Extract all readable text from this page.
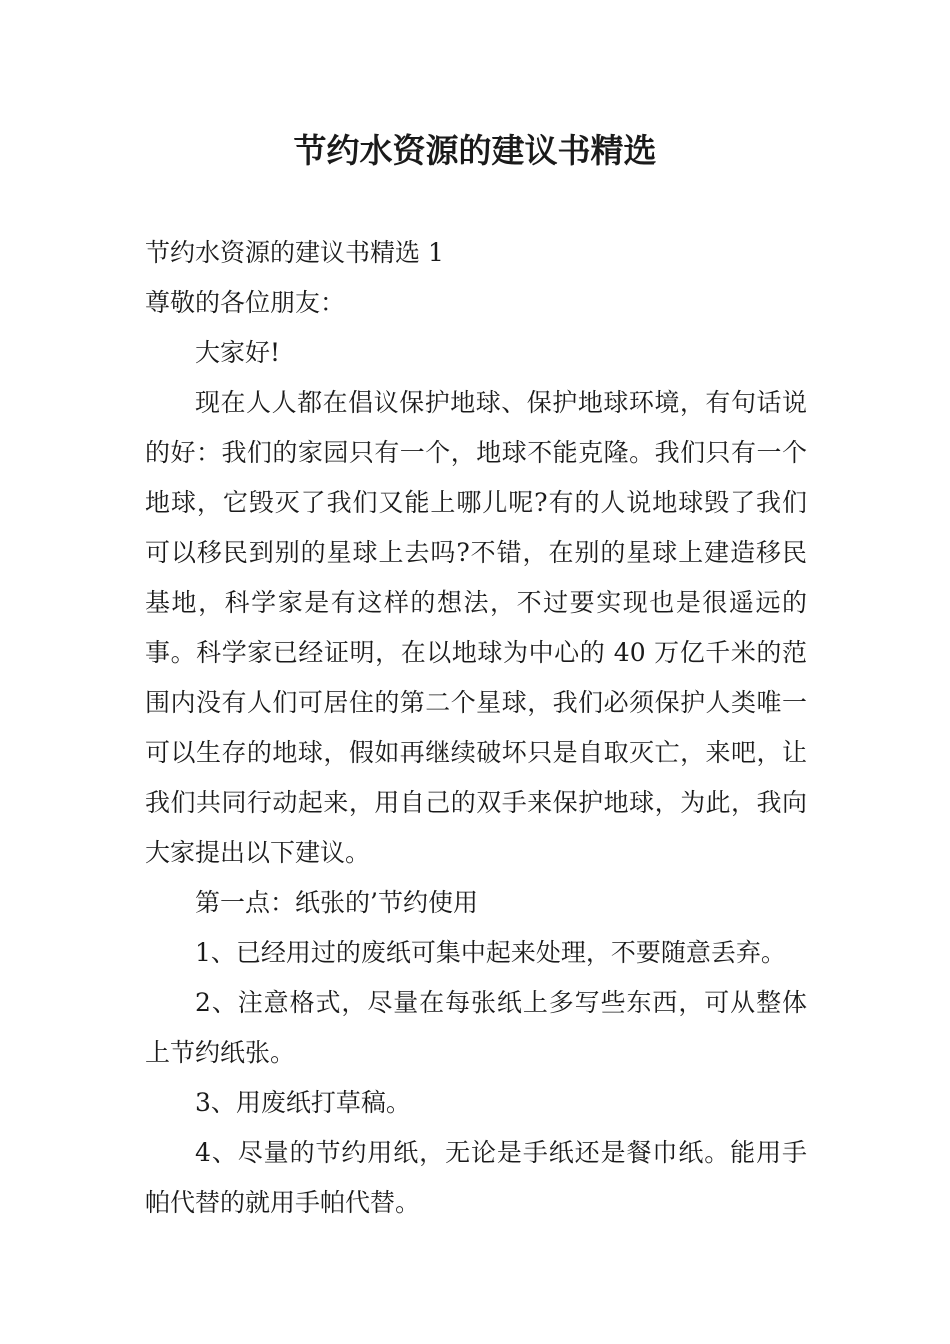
节约水资源的建议书精选

节约水资源的建议书精选 1

尊敬的各位朋友：

大家好!

现在人人都在倡议保护地球、保护地球环境，有句话说的好：我们的家园只有一个，地球不能克隆。我们只有一个地球，它毁灭了我们又能上哪儿呢?有的人说地球毁了我们可以移民到别的星球上去吗?不错，在别的星球上建造移民基地，科学家是有这样的想法，不过要实现也是很遥远的事。科学家已经证明，在以地球为中心的 40 万亿千米的范围内没有人们可居住的第二个星球，我们必须保护人类唯一可以生存的地球，假如再继续破坏只是自取灭亡，来吧，让我们共同行动起来，用自己的双手来保护地球，为此，我向大家提出以下建议。

第一点：纸张的’节约使用

1、已经用过的废纸可集中起来处理，不要随意丢弃。

2、注意格式，尽量在每张纸上多写些东西，可从整体上节约纸张。

3、用废纸打草稿。

4、尽量的节约用纸，无论是手纸还是餐巾纸。能用手帕代替的就用手帕代替。
